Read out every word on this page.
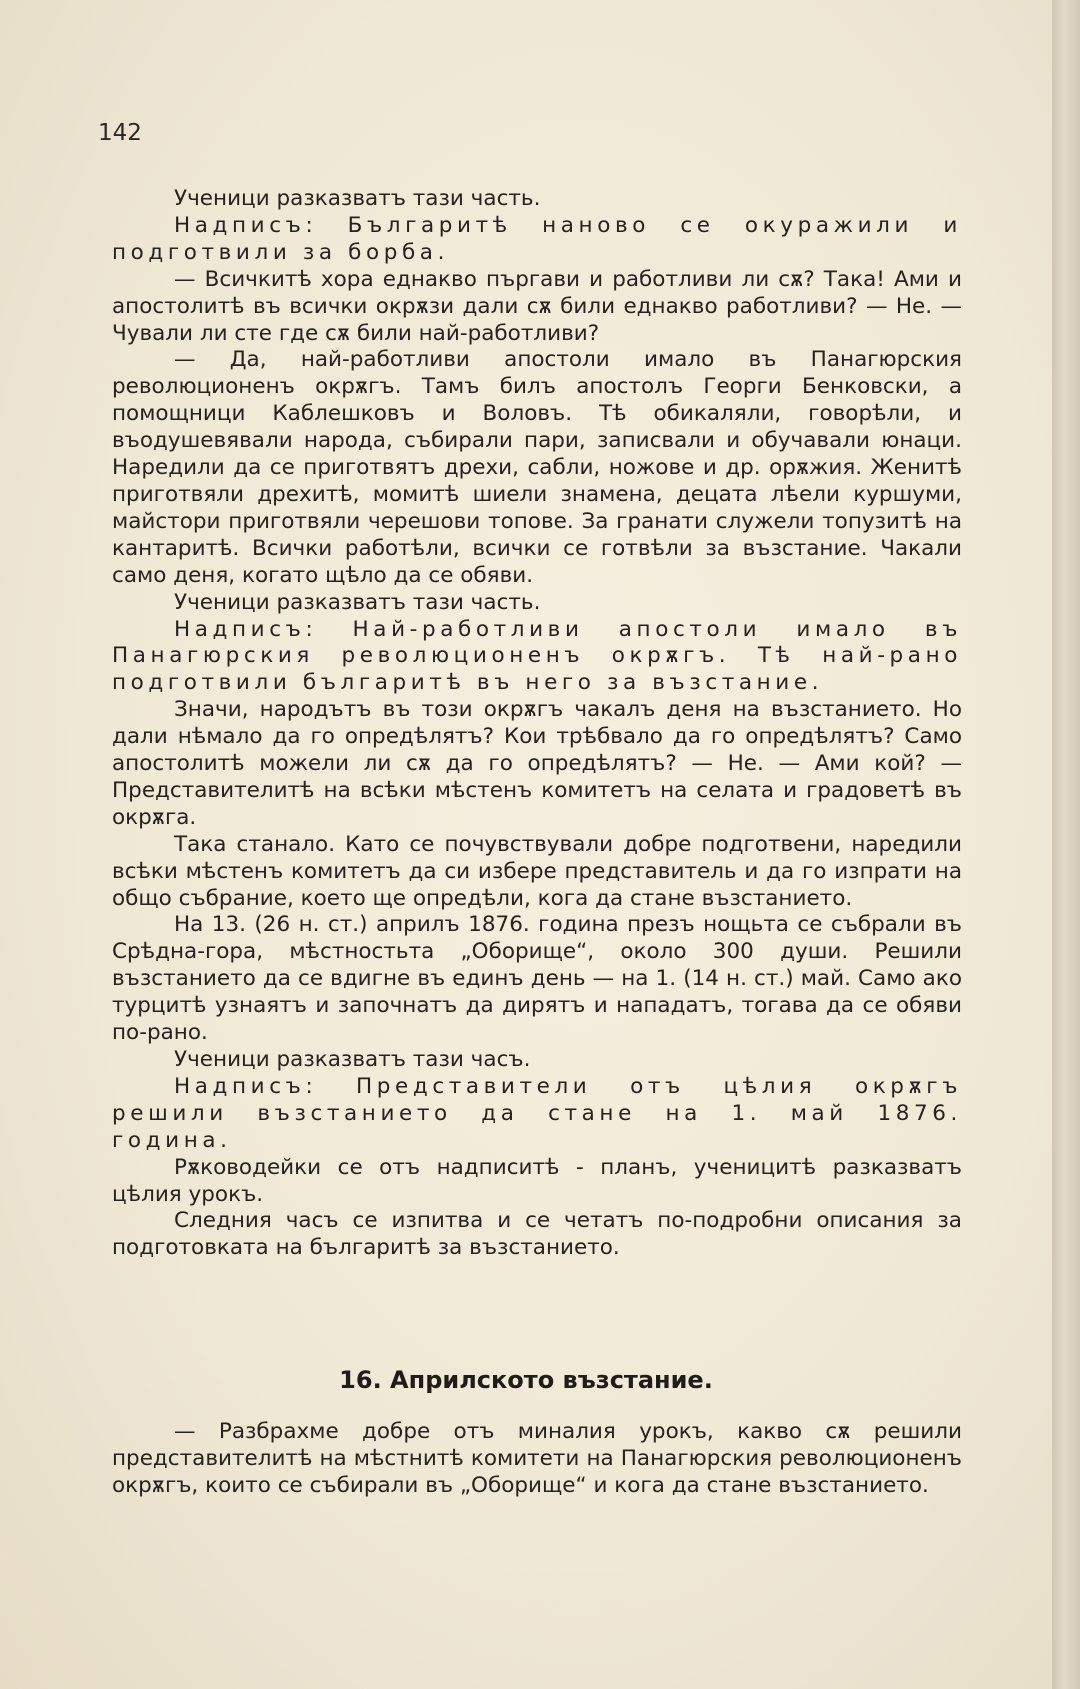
142

Ученици разказватъ тази часть.

Надписъ: Българитѣ наново се окуражили и подготвили за борба.

— Всичкитѣ хора еднакво пъргави и работливи ли сѫ? Така! Ами и апостолитѣ въ всички окрѫзи дали сѫ били еднакво работливи? — Не. — Чували ли сте где сѫ били най-работливи?

— Да, най-работливи апостоли имало въ Панагюрския революционенъ окрѫгъ. Тамъ билъ апостолъ Георги Бенковски, а помощници Каблешковъ и Воловъ. Тѣ обикаляли, говорѣли, и въодушевявали народа, събирали пари, записвали и обучавали юнаци. Наредили да се приготвятъ дрехи, сабли, ножове и др. орѫжия. Женитѣ приготвяли дрехитѣ, момитѣ шиели знамена, децата лѣели куршуми, майстори приготвяли черешови топове. За гранати служели топузитѣ на кантаритѣ. Всички работѣли, всички се готвѣли за възстание. Чакали само деня, когато щѣло да се обяви.

Ученици разказватъ тази часть.

Надписъ: Най-работливи апостоли имало въ Панагюрския революционенъ окрѫгъ. Тѣ най-рано подготвили българитѣ въ него за възстание.

Значи, народътъ въ този окрѫгъ чакалъ деня на възстанието. Но дали нѣмало да го опредѣлятъ? Кои трѣбвало да го опредѣлятъ? Само апостолитѣ можели ли сѫ да го опредѣлятъ? — Не. — Ами кой? — Представителитѣ на всѣки мѣстенъ комитетъ на селата и градоветѣ въ окрѫга.

Така станало. Като се почувствували добре подготвени, наредили всѣки мѣстенъ комитетъ да си избере представитель и да го изпрати на общо събрание, което ще опредѣли, кога да стане възстанието.

На 13. (26 н. ст.) априлъ 1876. година презъ нощьта се събрали въ Срѣдна-гора, мѣстностьта „Оборище“, около 300 души. Решили възстанието да се вдигне въ единъ день — на 1. (14 н. ст.) май. Само ако турцитѣ узнаятъ и започнатъ да дирятъ и нападатъ, тогава да се обяви по-рано.

Ученици разказватъ тази часъ.

Надписъ: Представители отъ цѣлия окрѫгъ решили възстанието да стане на 1. май 1876. година.

Рѫководейки се отъ надписитѣ - планъ, ученицитѣ разказватъ цѣлия урокъ.

Следния часъ се изпитва и се четатъ по-подробни описания за подготовката на българитѣ за възстанието.

16. Априлското възстание.

— Разбрахме добре отъ миналия урокъ, какво сѫ решили представителитѣ на мѣстнитѣ комитети на Панагюрския революционенъ окрѫгъ, които се събирали въ „Оборище“ и кога да стане възстанието.
